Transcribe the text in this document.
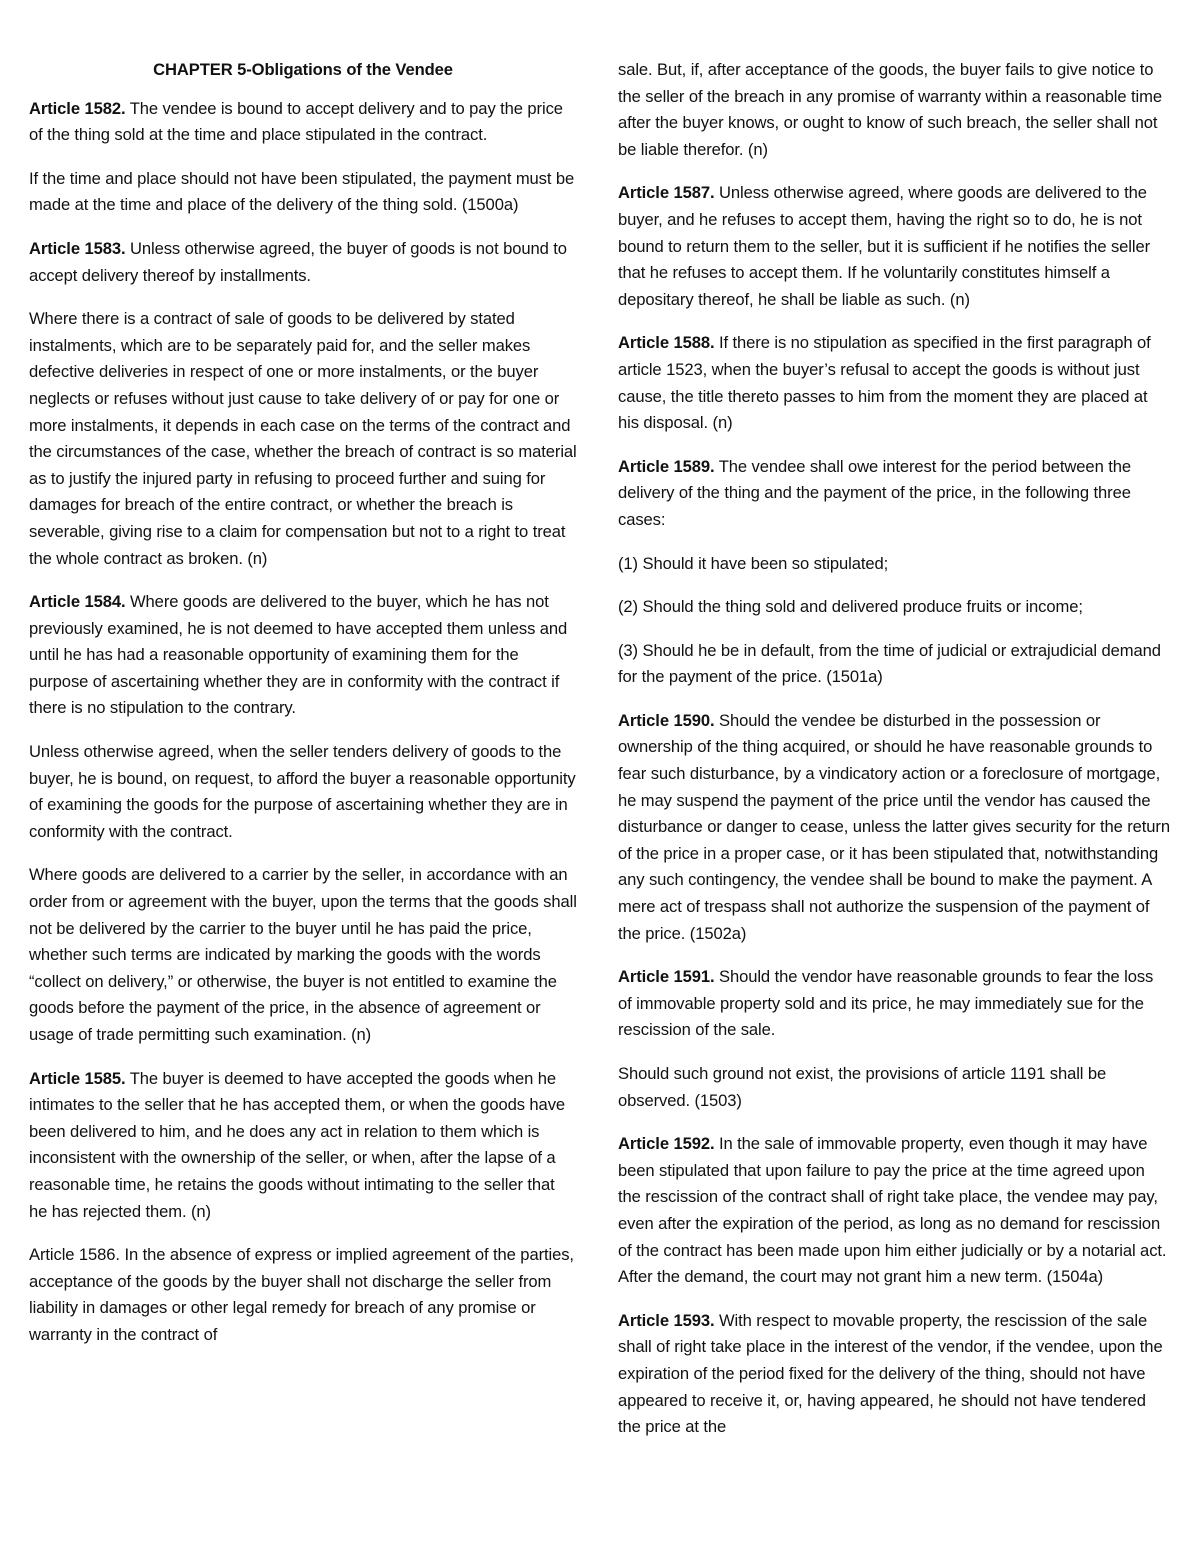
CHAPTER 5-Obligations of the Vendee

Article 1582. The vendee is bound to accept delivery and to pay the price of the thing sold at the time and place stipulated in the contract.

If the time and place should not have been stipulated, the payment must be made at the time and place of the delivery of the thing sold. (1500a)

Article 1583. Unless otherwise agreed, the buyer of goods is not bound to accept delivery thereof by installments.

Where there is a contract of sale of goods to be delivered by stated instalments, which are to be separately paid for, and the seller makes defective deliveries in respect of one or more instalments, or the buyer neglects or refuses without just cause to take delivery of or pay for one or more instalments, it depends in each case on the terms of the contract and the circumstances of the case, whether the breach of contract is so material as to justify the injured party in refusing to proceed further and suing for damages for breach of the entire contract, or whether the breach is severable, giving rise to a claim for compensation but not to a right to treat the whole contract as broken. (n)

Article 1584. Where goods are delivered to the buyer, which he has not previously examined, he is not deemed to have accepted them unless and until he has had a reasonable opportunity of examining them for the purpose of ascertaining whether they are in conformity with the contract if there is no stipulation to the contrary.

Unless otherwise agreed, when the seller tenders delivery of goods to the buyer, he is bound, on request, to afford the buyer a reasonable opportunity of examining the goods for the purpose of ascertaining whether they are in conformity with the contract.

Where goods are delivered to a carrier by the seller, in accordance with an order from or agreement with the buyer, upon the terms that the goods shall not be delivered by the carrier to the buyer until he has paid the price, whether such terms are indicated by marking the goods with the words “collect on delivery,” or otherwise, the buyer is not entitled to examine the goods before the payment of the price, in the absence of agreement or usage of trade permitting such examination. (n)

Article 1585. The buyer is deemed to have accepted the goods when he intimates to the seller that he has accepted them, or when the goods have been delivered to him, and he does any act in relation to them which is inconsistent with the ownership of the seller, or when, after the lapse of a reasonable time, he retains the goods without intimating to the seller that he has rejected them. (n)

Article 1586. In the absence of express or implied agreement of the parties, acceptance of the goods by the buyer shall not discharge the seller from liability in damages or other legal remedy for breach of any promise or warranty in the contract of

sale. But, if, after acceptance of the goods, the buyer fails to give notice to the seller of the breach in any promise of warranty within a reasonable time after the buyer knows, or ought to know of such breach, the seller shall not be liable therefor. (n)

Article 1587. Unless otherwise agreed, where goods are delivered to the buyer, and he refuses to accept them, having the right so to do, he is not bound to return them to the seller, but it is sufficient if he notifies the seller that he refuses to accept them. If he voluntarily constitutes himself a depositary thereof, he shall be liable as such. (n)

Article 1588. If there is no stipulation as specified in the first paragraph of article 1523, when the buyer’s refusal to accept the goods is without just cause, the title thereto passes to him from the moment they are placed at his disposal. (n)

Article 1589. The vendee shall owe interest for the period between the delivery of the thing and the payment of the price, in the following three cases:

(1) Should it have been so stipulated;

(2) Should the thing sold and delivered produce fruits or income;

(3) Should he be in default, from the time of judicial or extrajudicial demand for the payment of the price. (1501a)

Article 1590. Should the vendee be disturbed in the possession or ownership of the thing acquired, or should he have reasonable grounds to fear such disturbance, by a vindicatory action or a foreclosure of mortgage, he may suspend the payment of the price until the vendor has caused the disturbance or danger to cease, unless the latter gives security for the return of the price in a proper case, or it has been stipulated that, notwithstanding any such contingency, the vendee shall be bound to make the payment. A mere act of trespass shall not authorize the suspension of the payment of the price. (1502a)

Article 1591. Should the vendor have reasonable grounds to fear the loss of immovable property sold and its price, he may immediately sue for the rescission of the sale.

Should such ground not exist, the provisions of article 1191 shall be observed. (1503)

Article 1592. In the sale of immovable property, even though it may have been stipulated that upon failure to pay the price at the time agreed upon the rescission of the contract shall of right take place, the vendee may pay, even after the expiration of the period, as long as no demand for rescission of the contract has been made upon him either judicially or by a notarial act. After the demand, the court may not grant him a new term. (1504a)

Article 1593. With respect to movable property, the rescission of the sale shall of right take place in the interest of the vendor, if the vendee, upon the expiration of the period fixed for the delivery of the thing, should not have appeared to receive it, or, having appeared, he should not have tendered the price at the
